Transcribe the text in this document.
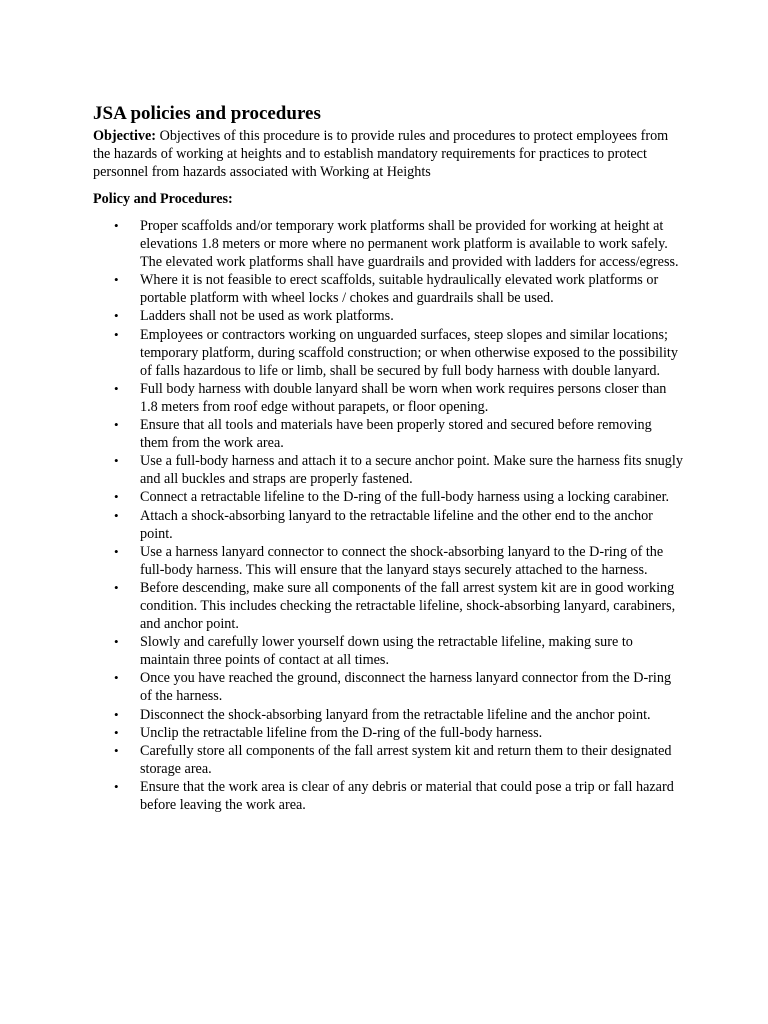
JSA policies and procedures

Objective: Objectives of this procedure is to provide rules and procedures to protect employees from the hazards of working at heights and to establish mandatory requirements for practices to protect personnel from hazards associated with Working at Heights

Policy and Procedures:
• Proper scaffolds and/or temporary work platforms shall be provided for working at height at elevations 1.8 meters or more where no permanent work platform is available to work safely. The elevated work platforms shall have guardrails and provided with ladders for access/egress.
• Where it is not feasible to erect scaffolds, suitable hydraulically elevated work platforms or portable platform with wheel locks / chokes and guardrails shall be used.
• Ladders shall not be used as work platforms.
• Employees or contractors working on unguarded surfaces, steep slopes and similar locations; temporary platform, during scaffold construction; or when otherwise exposed to the possibility of falls hazardous to life or limb, shall be secured by full body harness with double lanyard.
• Full body harness with double lanyard shall be worn when work requires persons closer than 1.8 meters from roof edge without parapets, or floor opening.
• Ensure that all tools and materials have been properly stored and secured before removing them from the work area.
• Use a full-body harness and attach it to a secure anchor point. Make sure the harness fits snugly and all buckles and straps are properly fastened.
• Connect a retractable lifeline to the D-ring of the full-body harness using a locking carabiner.
• Attach a shock-absorbing lanyard to the retractable lifeline and the other end to the anchor point.
• Use a harness lanyard connector to connect the shock-absorbing lanyard to the D-ring of the full-body harness. This will ensure that the lanyard stays securely attached to the harness.
• Before descending, make sure all components of the fall arrest system kit are in good working condition. This includes checking the retractable lifeline, shock-absorbing lanyard, carabiners, and anchor point.
• Slowly and carefully lower yourself down using the retractable lifeline, making sure to maintain three points of contact at all times.
• Once you have reached the ground, disconnect the harness lanyard connector from the D-ring of the harness.
• Disconnect the shock-absorbing lanyard from the retractable lifeline and the anchor point.
• Unclip the retractable lifeline from the D-ring of the full-body harness.
• Carefully store all components of the fall arrest system kit and return them to their designated storage area.
• Ensure that the work area is clear of any debris or material that could pose a trip or fall hazard before leaving the work area.
